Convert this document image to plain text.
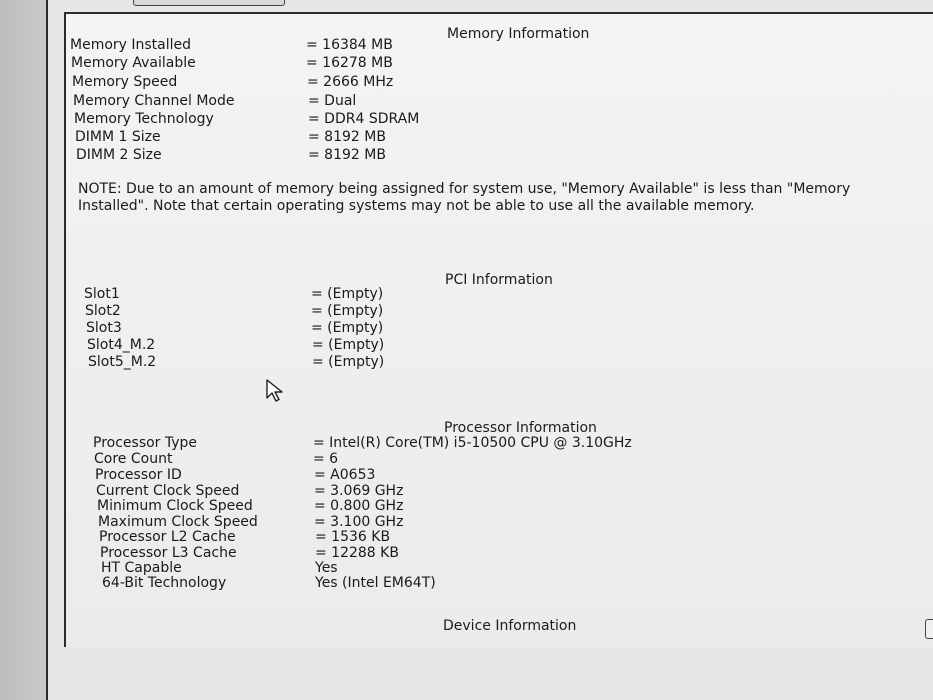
Memory Information
Memory Installed	= 16384 MB
Memory Available	= 16278 MB
Memory Speed	= 2666 MHz
Memory Channel Mode	= Dual
Memory Technology	= DDR4 SDRAM
DIMM 1 Size	= 8192 MB
DIMM 2 Size	= 8192 MB
NOTE: Due to an amount of memory being assigned for system use, "Memory Available" is less than "Memory Installed". Note that certain operating systems may not be able to use all the available memory.
PCI Information
Slot1	= (Empty)
Slot2	= (Empty)
Slot3	= (Empty)
Slot4_M.2	= (Empty)
Slot5_M.2	= (Empty)
Processor Information
Processor Type	= Intel(R) Core(TM) i5-10500 CPU @ 3.10GHz
Core Count	= 6
Processor ID	= A0653
Current Clock Speed	= 3.069 GHz
Minimum Clock Speed	= 0.800 GHz
Maximum Clock Speed	= 3.100 GHz
Processor L2 Cache	= 1536 KB
Processor L3 Cache	= 12288 KB
HT Capable	Yes
64-Bit Technology	Yes (Intel EM64T)
Device Information
